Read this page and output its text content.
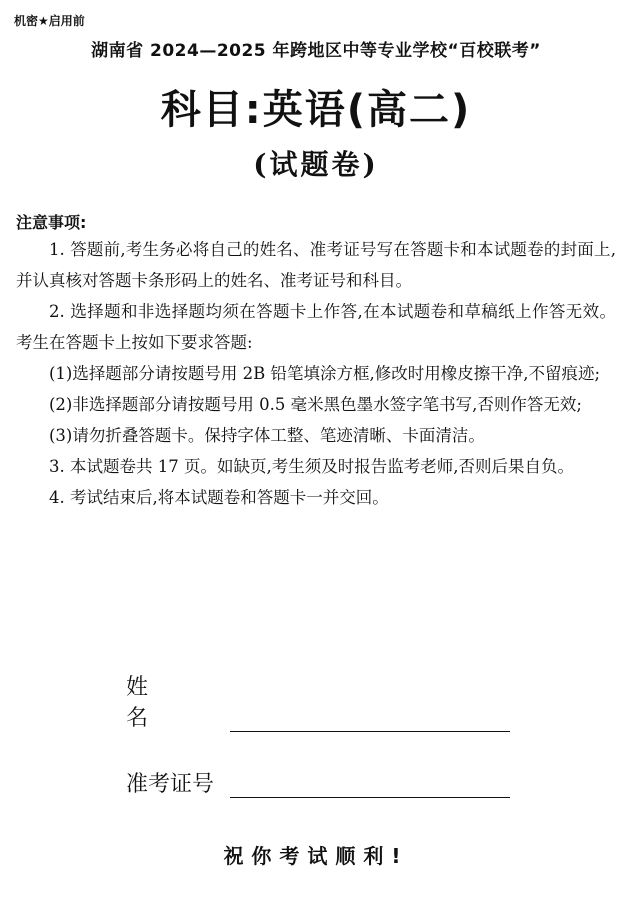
机密★启用前
湖南省 2024—2025 年跨地区中等专业学校“百校联考”
科目:英语(高二)
(试题卷)
注意事项:

1. 答题前,考生务必将自己的姓名、准考证号写在答题卡和本试题卷的封面上,并认真核对答题卡条形码上的姓名、准考证号和科目。

2. 选择题和非选择题均须在答题卡上作答,在本试题卷和草稿纸上作答无效。考生在答题卡上按如下要求答题:

(1)选择题部分请按题号用 2B 铅笔填涂方框,修改时用橡皮擦干净,不留痕迹;

(2)非选择题部分请按题号用 0.5 毫米黑色墨水签字笔书写,否则作答无效;

(3)请勿折叠答题卡。保持字体工整、笔迹清晰、卡面清洁。

3. 本试题卷共 17 页。如缺页,考生须及时报告监考老师,否则后果自负。

4. 考试结束后,将本试题卷和答题卡一并交回。

姓名
准考证号
祝你考试顺利!
